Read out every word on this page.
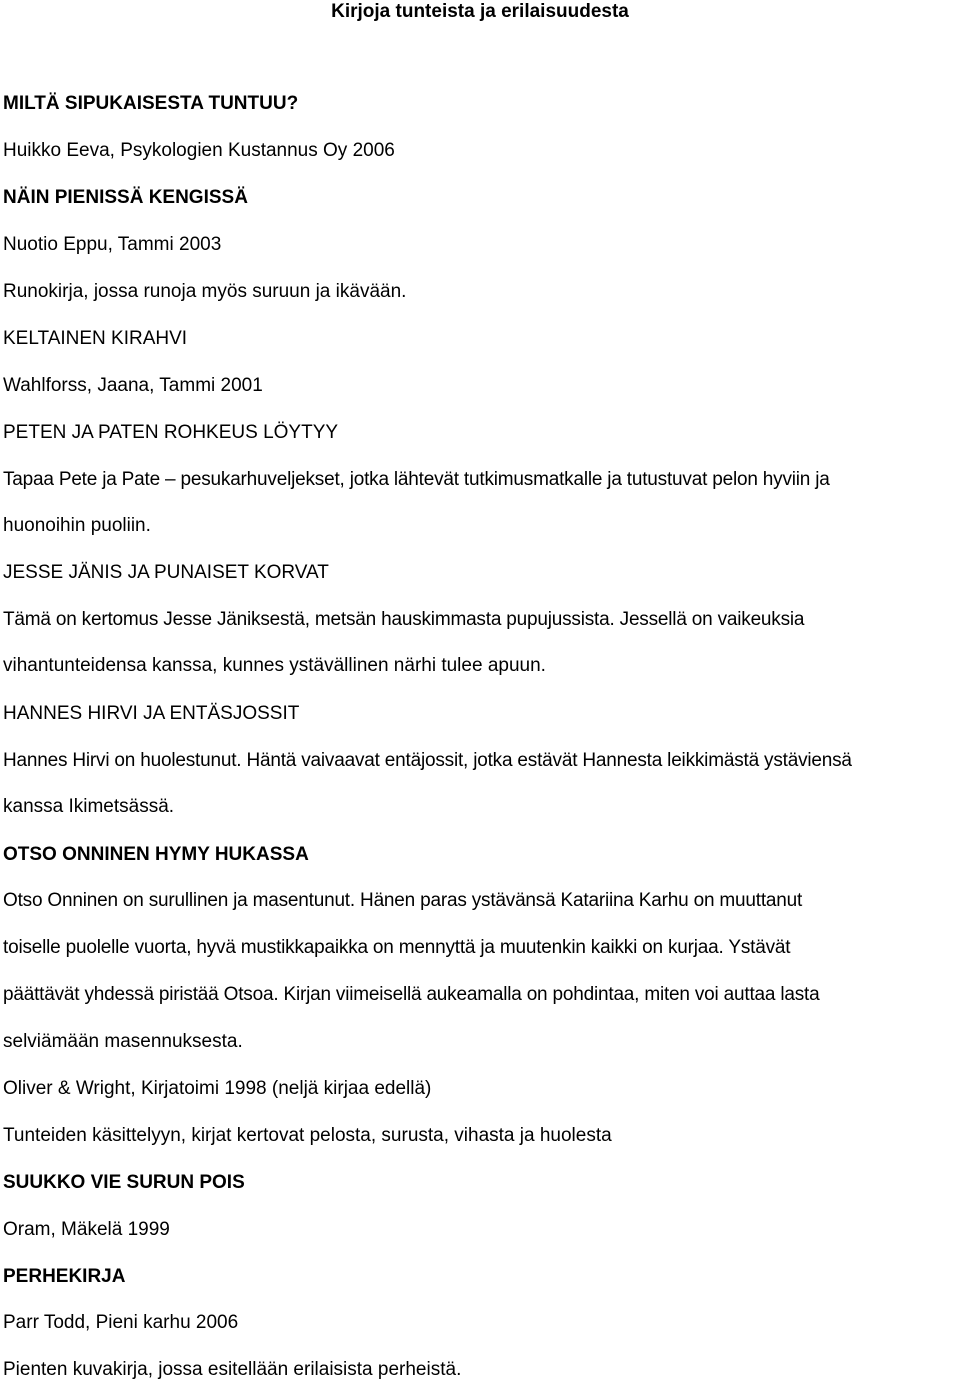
Kirjoja tunteista ja erilaisuudesta
MILTÄ SIPUKAISESTA TUNTUU?
Huikko Eeva, Psykologien Kustannus Oy 2006
NÄIN PIENISSÄ KENGISSÄ
Nuotio Eppu, Tammi 2003
Runokirja, jossa runoja myös suruun ja ikävään.
KELTAINEN KIRAHVI
Wahlforss, Jaana, Tammi 2001
PETEN JA PATEN ROHKEUS LÖYTYY
Tapaa Pete ja Pate – pesukarhuveljekset, jotka lähtevät tutkimusmatkalle ja tutustuvat pelon hyviin ja
huonoihin puoliin.
JESSE JÄNIS JA PUNAISET KORVAT
Tämä on kertomus Jesse Jäniksestä, metsän hauskimmasta pupujussista. Jessellä on vaikeuksia
vihantunteidensa kanssa, kunnes ystävällinen närhi tulee apuun.
HANNES HIRVI JA ENTÄSJOSSIT
Hannes Hirvi on huolestunut. Häntä vaivaavat entäjossit, jotka estävät Hannesta leikkimästä ystäviensä
kanssa Ikimetsässä.
OTSO ONNINEN HYMY HUKASSA
Otso Onninen on surullinen ja masentunut. Hänen paras ystävänsä Katariina Karhu on muuttanut
toiselle puolelle vuorta, hyvä mustikkapaikka on mennyttä ja muutenkin kaikki on kurjaa. Ystävät
päättävät yhdessä piristää Otsoa. Kirjan viimeisellä aukeamalla on pohdintaa, miten voi auttaa lasta
selviämään masennuksesta.
Oliver & Wright, Kirjatoimi 1998 (neljä kirjaa edellä)
Tunteiden käsittelyyn, kirjat kertovat pelosta, surusta, vihasta ja huolesta
SUUKKO VIE SURUN POIS
Oram, Mäkelä 1999
PERHEKIRJA
Parr Todd, Pieni karhu 2006
Pienten kuvakirja, jossa esitellään erilaisista perheistä.
